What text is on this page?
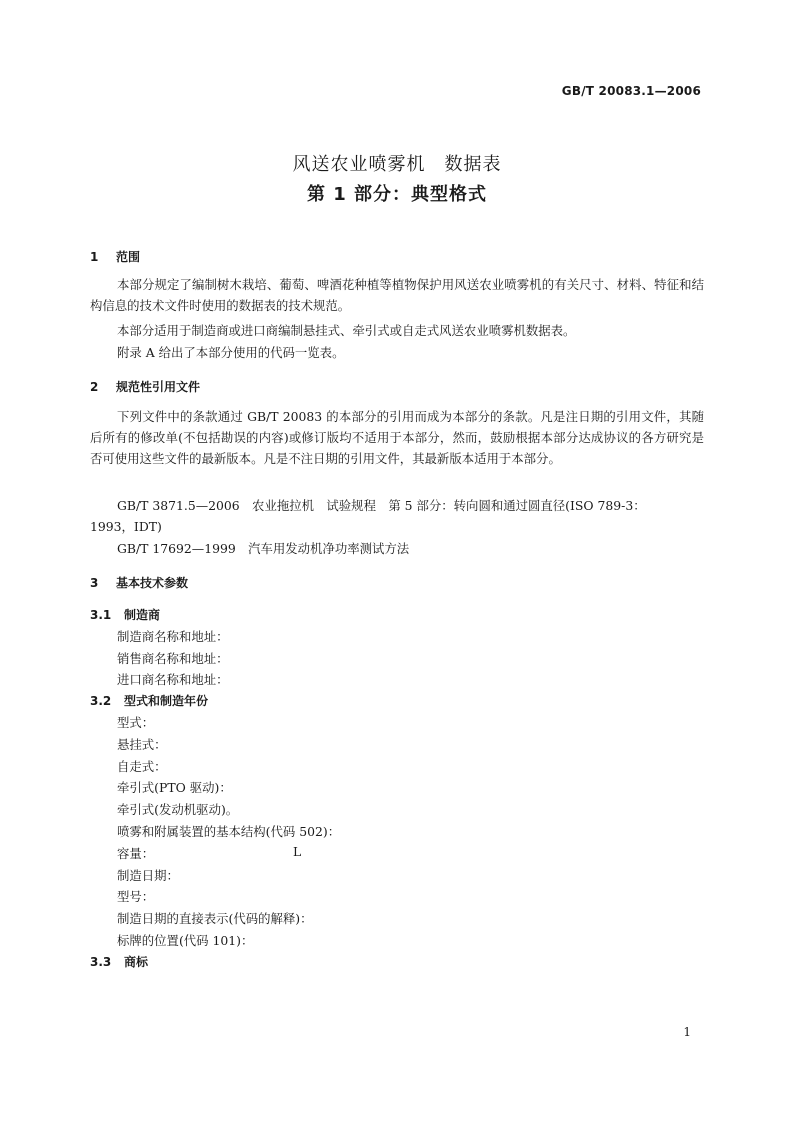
GB/T 20083.1—2006
风送农业喷雾机　数据表
第 1 部分：典型格式
1 范围
本部分规定了编制树木栽培、葡萄、啤酒花种植等植物保护用风送农业喷雾机的有关尺寸、材料、特征和结构信息的技术文件时使用的数据表的技术规范。
本部分适用于制造商或进口商编制悬挂式、牵引式或自走式风送农业喷雾机数据表。
附录 A 给出了本部分使用的代码一览表。
2 规范性引用文件
下列文件中的条款通过 GB/T 20083 的本部分的引用而成为本部分的条款。凡是注日期的引用文件，其随后所有的修改单(不包括勘误的内容)或修订版均不适用于本部分，然而，鼓励根据本部分达成协议的各方研究是否可使用这些文件的最新版本。凡是不注日期的引用文件，其最新版本适用于本部分。
GB/T 3871.5—2006　农业拖拉机　试验规程　第 5 部分：转向圆和通过圆直径(ISO 789-3：
1993，IDT)
GB/T 17692—1999　汽车用发动机净功率测试方法
3 基本技术参数
3.1 制造商
制造商名称和地址：
销售商名称和地址：
进口商名称和地址：
3.2 型式和制造年份
型式：
悬挂式：
自走式：
牵引式(PTO 驱动)：
牵引式(发动机驱动)。
喷雾和附属装置的基本结构(代码 502)：
容量：	L
制造日期：
型号：
制造日期的直接表示(代码的解释)：
标牌的位置(代码 101)：
3.3 商标
1
